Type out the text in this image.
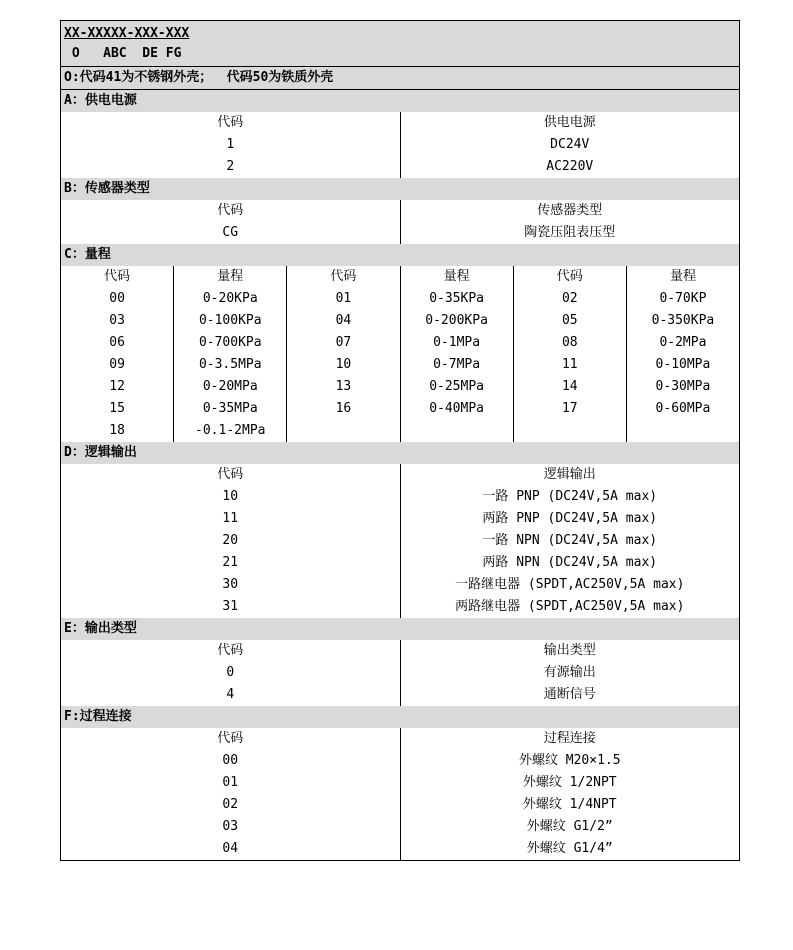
XX-XXXXX-XXX-XXX
O   ABC  DE FG
O:代码41为不锈钢外壳；　 代码50为铁质外壳
A：供电电源
代码	供电电源
1	DC24V
2	AC220V
B：传感器类型
代码	传感器类型
CG	陶瓷压阻表压型
C：量程
代码	量程	代码	量程	代码	量程
00	0-20KPa	01	0-35KPa	02	0-70KP
03	0-100KPa	04	0-200KPa	05	0-350KPa
06	0-700KPa	07	0-1MPa	08	0-2MPa
09	0-3.5MPa	10	0-7MPa	11	0-10MPa
12	0-20MPa	13	0-25MPa	14	0-30MPa
15	0-35MPa	16	0-40MPa	17	0-60MPa
18	-0.1-2MPa
D：逻辑输出
代码	逻辑输出
10	一路 PNP (DC24V,5A max)
11	两路 PNP (DC24V,5A max)
20	一路 NPN (DC24V,5A max)
21	两路 NPN (DC24V,5A max)
30	一路继电器 (SPDT,AC250V,5A max)
31	两路继电器 (SPDT,AC250V,5A max)
E：输出类型
代码	输出类型
0	有源输出
4	通断信号
F:过程连接
代码	过程连接
00	外螺纹 M20×1.5
01	外螺纹 1/2NPT
02	外螺纹 1/4NPT
03	外螺纹 G1/2”
04	外螺纹 G1/4”
